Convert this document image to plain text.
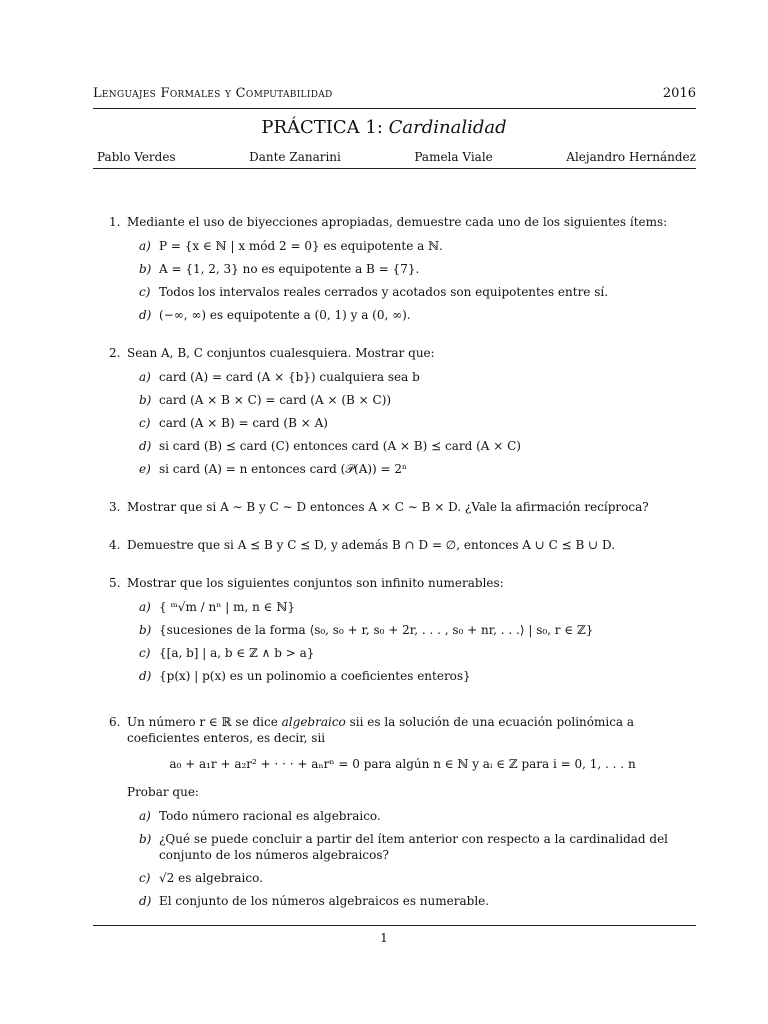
Lenguajes Formales y Computabilidad	2016
PRÁCTICA 1: Cardinalidad
Pablo Verdes	Dante Zanarini	Pamela Viale	Alejandro Hernández
1. Mediante el uso de biyecciones apropiadas, demuestre cada uno de los siguientes ítems:
a) P = {x ∈ ℕ | x mód 2 = 0} es equipotente a ℕ.
b) A = {1, 2, 3} no es equipotente a B = {7}.
c) Todos los intervalos reales cerrados y acotados son equipotentes entre sí.
d) (−∞, ∞) es equipotente a (0, 1) y a (0, ∞).
2. Sean A, B, C conjuntos cualesquiera. Mostrar que:
a) card (A) = card (A × {b}) cualquiera sea b
b) card (A × B × C) = card (A × (B × C))
c) card (A × B) = card (B × A)
d) si card (B) ⪯ card (C) entonces card (A × B) ⪯ card (A × C)
e) si card (A) = n entonces card (𝒫(A)) = 2ⁿ
3. Mostrar que si A ∼ B y C ∼ D entonces A × C ∼ B × D. ¿Vale la afirmación recíproca?
4. Demuestre que si A ⪯ B y C ⪯ D, y además B ∩ D = ∅, entonces A ∪ C ⪯ B ∪ D.
5. Mostrar que los siguientes conjuntos son infinito numerables:
a) { ᵐ√m / nⁿ | m, n ∈ ℕ}
b) {sucesiones de la forma ⟨s₀, s₀ + r, s₀ + 2r, . . . , s₀ + nr, . . .⟩ | s₀, r ∈ ℤ}
c) {[a, b] | a, b ∈ ℤ ∧ b > a}
d) {p(x) | p(x) es un polinomio a coeficientes enteros}
6. Un número r ∈ ℝ se dice algebraico sii es la solución de una ecuación polinómica a coeficientes enteros, es decir, sii
a₀ + a₁r + a₂r² + · · · + aₙrⁿ = 0 para algún n ∈ ℕ y aᵢ ∈ ℤ para i = 0, 1, . . . n
Probar que:
a) Todo número racional es algebraico.
b) ¿Qué se puede concluir a partir del ítem anterior con respecto a la cardinalidad del conjunto de los números algebraicos?
c) √2 es algebraico.
d) El conjunto de los números algebraicos es numerable.
1
